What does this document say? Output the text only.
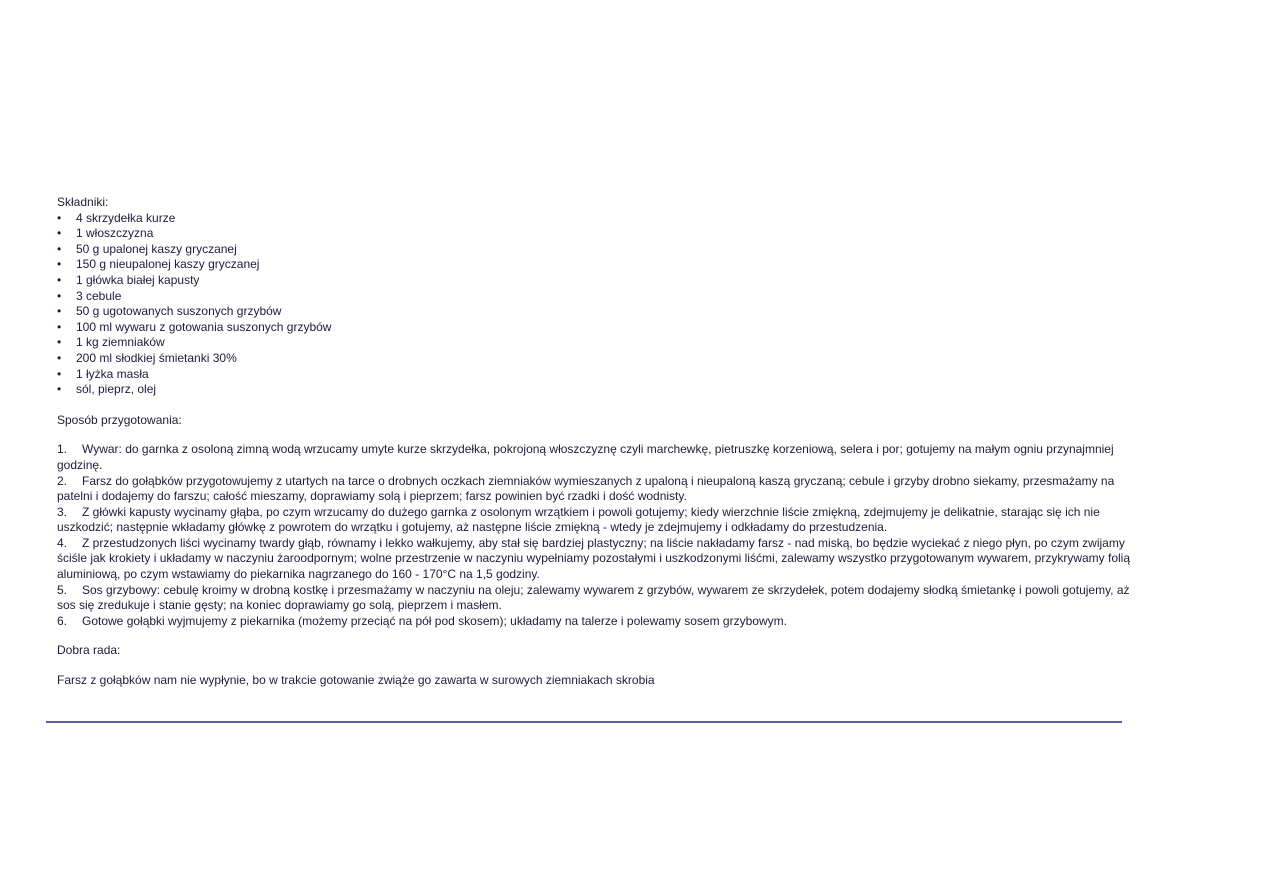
Składniki:

• 4 skrzydełka kurze
• 1 włoszczyzna
• 50 g upalonej kaszy gryczanej
• 150 g nieupalonej kaszy gryczanej
• 1 główka białej kapusty
• 3 cebule
• 50 g ugotowanych suszonych grzybów
• 100 ml wywaru z gotowania suszonych grzybów
• 1 kg ziemniaków
• 200 ml słodkiej śmietanki 30%
• 1 łyżka masła
• sól, pieprz, olej

Sposób przygotowania:

1. Wywar: do garnka z osoloną zimną wodą wrzucamy umyte kurze skrzydełka, pokrojoną włoszczyznę czyli marchewkę, pietruszkę korzeniową, selera i por; gotujemy na małym ogniu przynajmniej godzinę.
2. Farsz do gołąbków przygotowujemy z utartych na tarce o drobnych oczkach ziemniaków wymieszanych z upaloną i nieupaloną kaszą gryczaną; cebule i grzyby drobno siekamy, przesmażamy na patelni i dodajemy do farszu; całość mieszamy, doprawiamy solą i pieprzem; farsz powinien być rzadki i dość wodnisty.
3. Z główki kapusty wycinamy głąba, po czym wrzucamy do dużego garnka z osolonym wrzątkiem i powoli gotujemy; kiedy wierzchnie liście zmiękną, zdejmujemy je delikatnie, starając się ich nie uszkodzić; następnie wkładamy główkę z powrotem do wrzątku i gotujemy, aż następne liście zmiękną - wtedy je zdejmujemy i odkładamy do przestudzenia.
4. Z przestudzonych liści wycinamy twardy głąb, równamy i lekko wałkujemy, aby stał się bardziej plastyczny; na liście nakładamy farsz - nad miską, bo będzie wyciekać z niego płyn, po czym zwijamy ściśle jak krokiety i układamy w naczyniu żaroodpornym; wolne przestrzenie w naczyniu wypełniamy pozostałymi i uszkodzonymi liśćmi, zalewamy wszystko przygotowanym wywarem, przykrywamy folią aluminiową, po czym wstawiamy do piekarnika nagrzanego do 160 - 170°C na 1,5 godziny.
5. Sos grzybowy: cebulę kroimy w drobną kostkę i przesmażamy w naczyniu na oleju; zalewamy wywarem z grzybów, wywarem ze skrzydełek, potem dodajemy słodką śmietankę i powoli gotujemy, aż sos się zredukuje i stanie gęsty; na koniec doprawiamy go solą, pieprzem i masłem.
6. Gotowe gołąbki wyjmujemy z piekarnika (możemy przeciąć na pół pod skosem); układamy na talerze i polewamy sosem grzybowym.

Dobra rada:

Farsz z gołąbków nam nie wypłynie, bo w trakcie gotowanie zwiąże go zawarta w surowych ziemniakach skrobia
